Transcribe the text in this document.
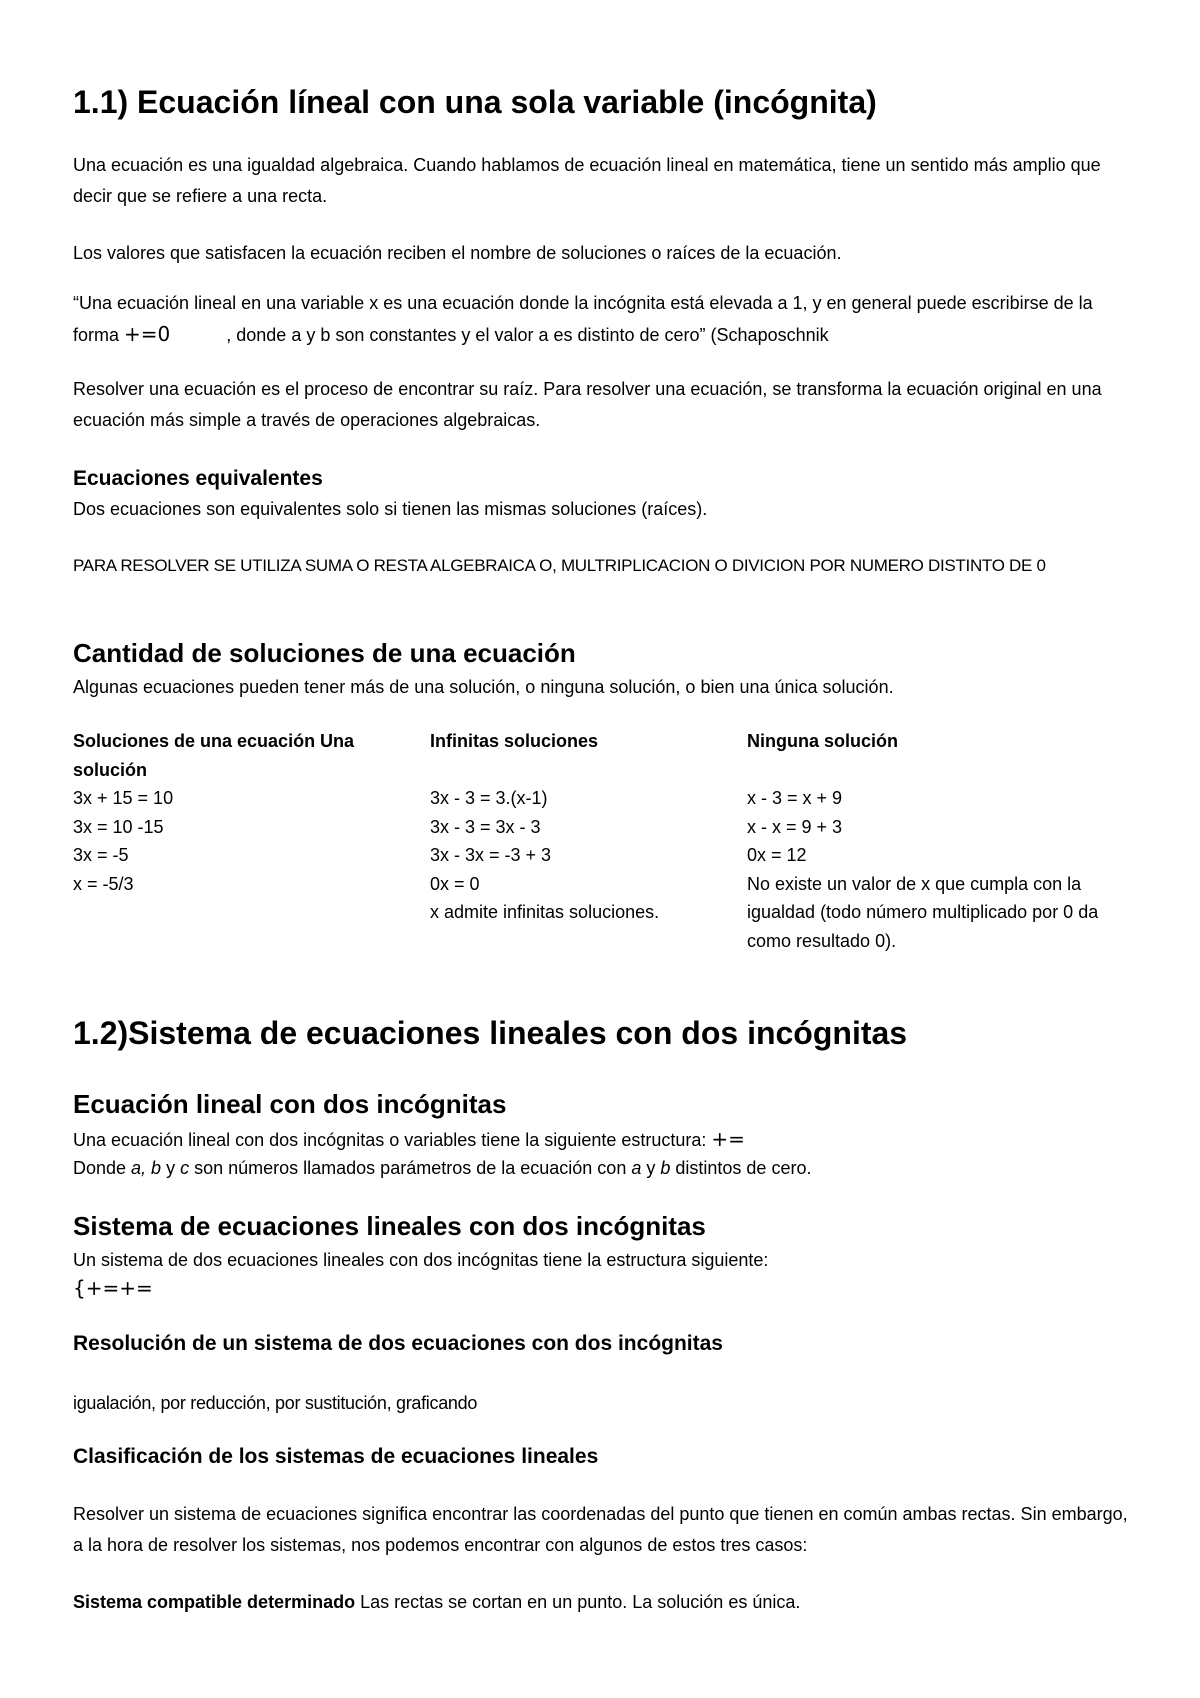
1.1) Ecuación líneal con una sola variable (incógnita)

Una ecuación es una igualdad algebraica. Cuando hablamos de ecuación lineal en matemática, tiene un sentido más amplio que decir que se refiere a una recta.

Los valores que satisfacen la ecuación reciben el nombre de soluciones o raíces de la ecuación.

“Una ecuación lineal en una variable x es una ecuación donde la incógnita está elevada a 1, y en general puede escribirse de la forma +=0	, donde a y b son constantes y el valor a es distinto de cero” (Schaposchnik

Resolver una ecuación es el proceso de encontrar su raíz. Para resolver una ecuación, se transforma la ecuación original en una ecuación más simple a través de operaciones algebraicas.

Ecuaciones equivalentes
Dos ecuaciones son equivalentes solo si tienen las mismas soluciones (raíces).

PARA RESOLVER SE UTILIZA SUMA O RESTA ALGEBRAICA O, MULTRIPLICACION O DIVICION POR NUMERO DISTINTO DE 0

Cantidad de soluciones de una ecuación
Algunas ecuaciones pueden tener más de una solución, o ninguna solución, o bien una única solución.
Soluciones de una ecuación Una solución
3x + 15 = 10
3x = 10 -15
3x = -5
x = -5/3
Infinitas soluciones

3x - 3 = 3.(x-1)
3x - 3 = 3x - 3
3x - 3x = -3 + 3
0x = 0
x admite infinitas soluciones.
Ninguna solución

x - 3 = x + 9
x - x = 9 + 3
0x = 12
No existe un valor de x que cumpla con la igualdad (todo número multiplicado por 0 da como resultado 0).
1.2)Sistema de ecuaciones lineales con dos incógnitas
Ecuación lineal con dos incógnitas
Una ecuación lineal con dos incógnitas o variables tiene la siguiente estructura: +=
Donde a, b y c son números llamados parámetros de la ecuación con a y b distintos de cero.
Sistema de ecuaciones lineales con dos incógnitas
Un sistema de dos ecuaciones lineales con dos incógnitas tiene la estructura siguiente:
{+=+=
Resolución de un sistema de dos ecuaciones con dos incógnitas
igualación, por reducción, por sustitución, graficando
Clasificación de los sistemas de ecuaciones lineales

Resolver un sistema de ecuaciones significa encontrar las coordenadas del punto que tienen en común ambas rectas. Sin embargo, a la hora de resolver los sistemas, nos podemos encontrar con algunos de estos tres casos:

Sistema compatible determinado Las rectas se cortan en un punto. La solución es única.
